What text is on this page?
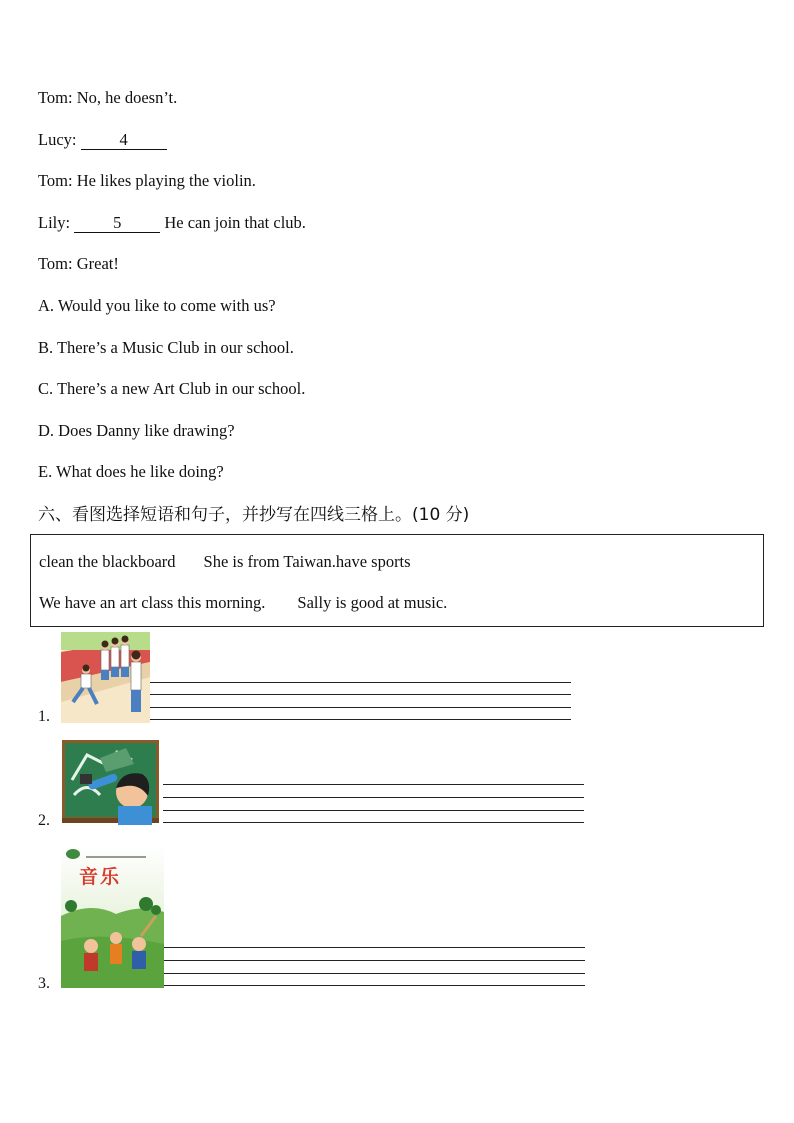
Tom: No, he doesn’t.
Lucy: 4
Tom: He likes playing the violin.
Lily: 5 He can join that club.
Tom: Great!
A. Would you like to come with us?
B. There’s a Music Club in our school.
C. There’s a new Art Club in our school.
D. Does Danny like drawing?
E. What does he like doing?
六、看图选择短语和句子，并抄写在四线三格上。(10 分)
clean the blackboard She is from Taiwan.have sports
We have an art class this morning. Sally is good at music.
1.
2.
3.
音乐
